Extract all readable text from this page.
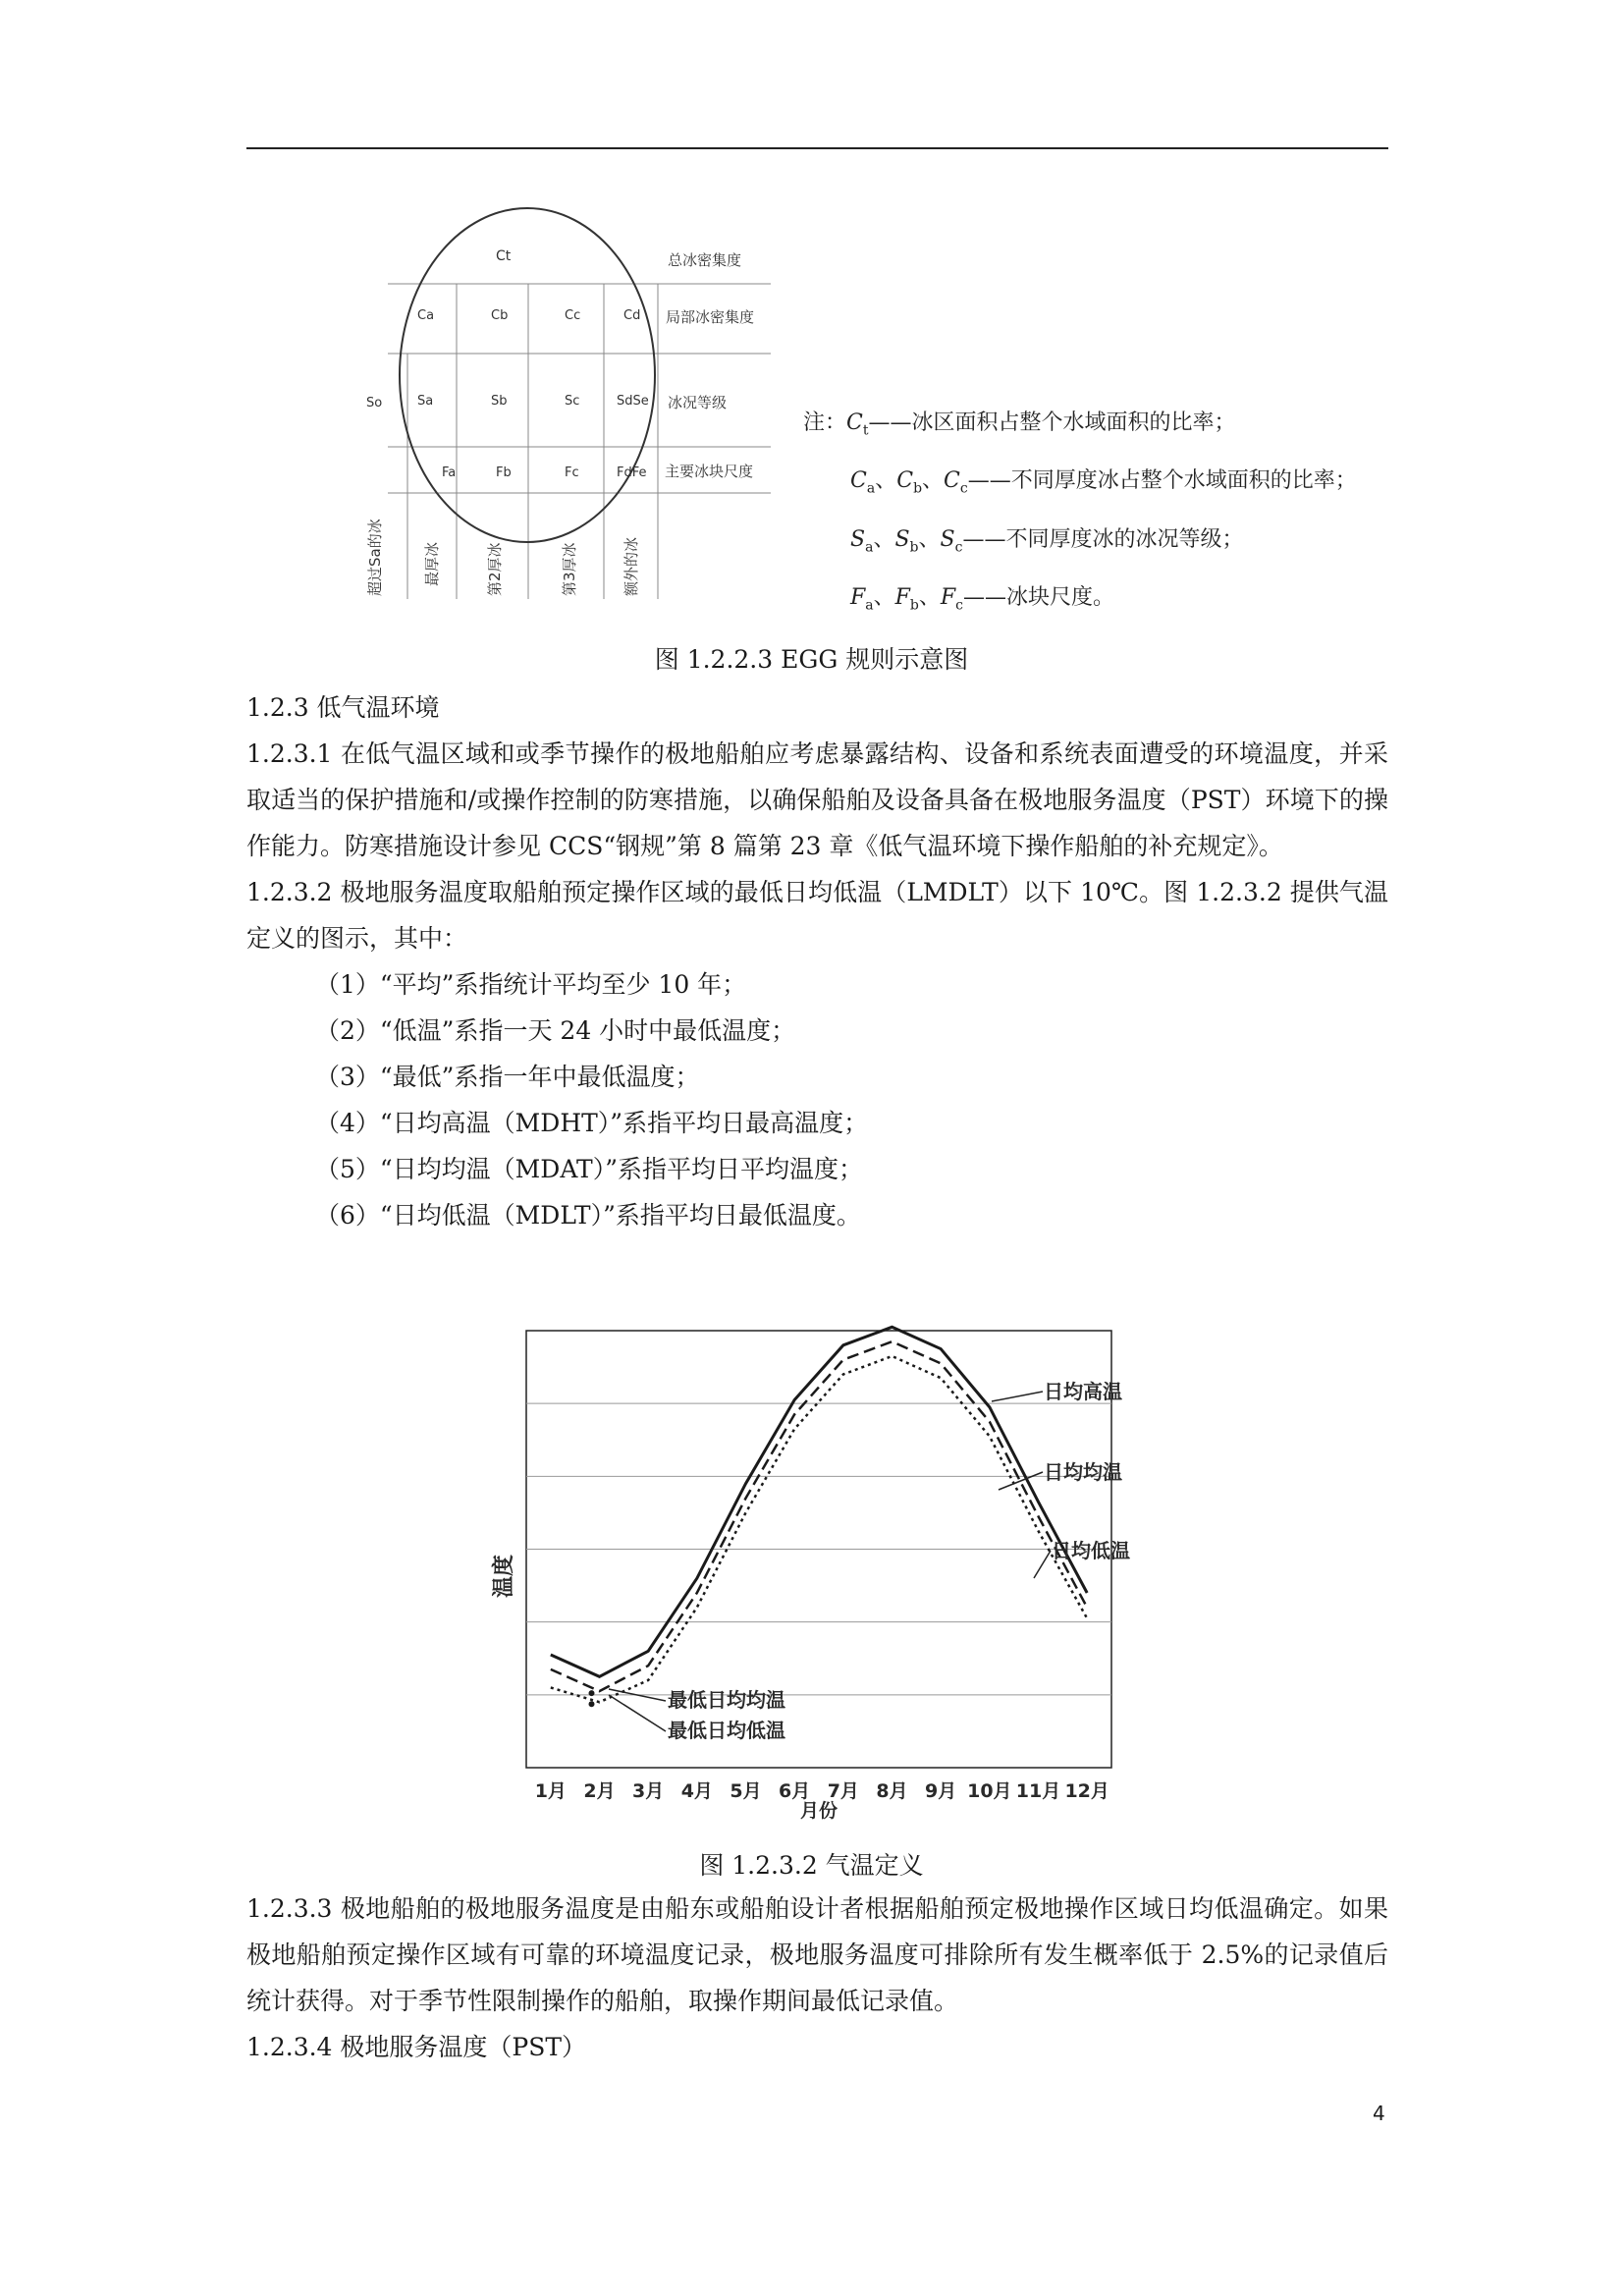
Ct	总冰密集度
Ca	Cb	Cc	Cd 局部冰密集度
So	Sa	Sb	Sc	SdSe 冰况等级
Fa	Fb	Fc	FdFe 主要冰块尺度
超过Sa的冰	最厚冰	第2厚冰	第3厚冰	额外的冰
注：$C_t——$冰区面积占整个水域面积的比率；
$C_a$、$C_b$、$C_c——$不同厚度冰占整个水域面积的比率；
$S_a$、$S_b$、$S_c——$不同厚度冰的冰况等级；
$F_a$、$F_b$、$F_c——$冰块尺度。
图 1.2.2.3 EGG 规则示意图

1.2.3 低气温环境

1.2.3.1 在低气温区域和或季节操作的极地船舶应考虑暴露结构、设备和系统表面遭受的环境温度，并采取适当的保护措施和/或操作控制的防寒措施，以确保船舶及设备具备在极地服务温度（PST）环境下的操作能力。防寒措施设计参见 CCS“钢规”第 8 篇第 23 章《低气温环境下操作船舶的补充规定》。

1.2.3.2 极地服务温度取船舶预定操作区域的最低日均低温（LMDLT）以下 10℃。图 1.2.3.2 提供气温定义的图示，其中：

（1）“平均”系指统计平均至少 10 年；

（2）“低温”系指一天 24 小时中最低温度；

（3）“最低”系指一年中最低温度；

（4）“日均高温（MDHT）”系指平均日最高温度；

（5）“日均均温（MDAT）”系指平均日平均温度；

（6）“日均低温（MDLT）”系指平均日最低温度。

1月 2月 3月 4月 5月 6月 7月 8月 9月 10月 11月 12月
温度
月份
日均高温
日均均温
日均低温
最低日均均温
最低日均低温
图 1.2.3.2 气温定义

1.2.3.3 极地船舶的极地服务温度是由船东或船舶设计者根据船舶预定极地操作区域日均低温确定。如果极地船舶预定操作区域有可靠的环境温度记录，极地服务温度可排除所有发生概率低于 2.5%的记录值后统计获得。对于季节性限制操作的船舶，取操作期间最低记录值。

1.2.3.4 极地服务温度（PST）

4
